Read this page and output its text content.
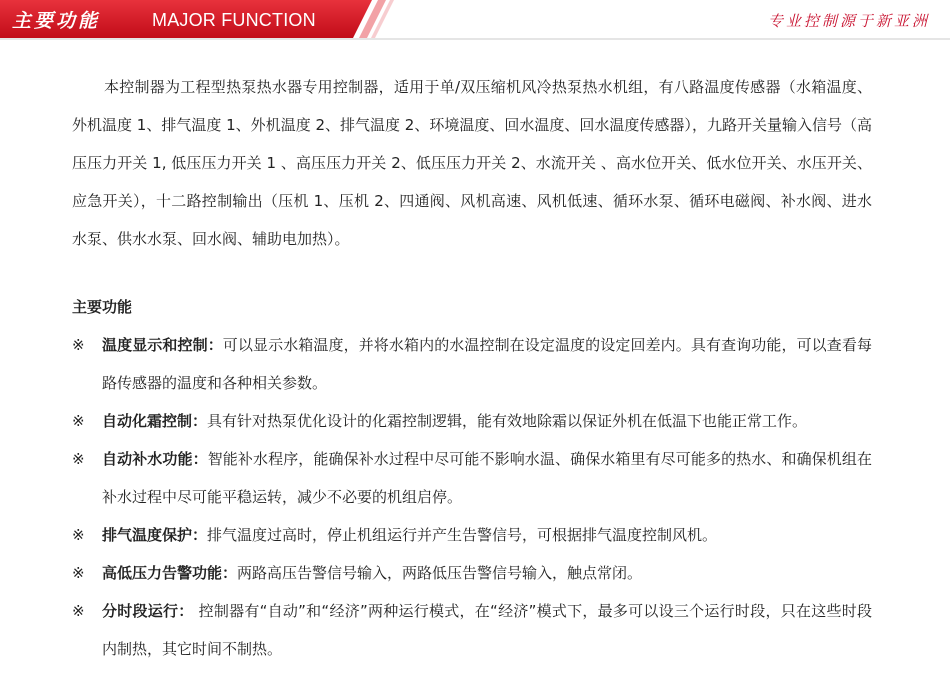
主要功能	MAJOR FUNCTION	专业控制源于新亚洲

本控制器为工程型热泵热水器专用控制器，适用于单/双压缩机风冷热泵热水机组，有八路温度传感器（水箱温度、外机温度 1、排气温度 1、外机温度 2、排气温度 2、环境温度、回水温度、回水温度传感器），九路开关量输入信号（高压压力开关 1, 低压压力开关 1 、高压压力开关 2、低压压力开关 2、水流开关 、高水位开关、低水位开关、水压开关、应急开关），十二路控制输出（压机 1、压机 2、四通阀、风机高速、风机低速、循环水泵、循环电磁阀、补水阀、进水水泵、供水水泵、回水阀、辅助电加热）。

主要功能

※	温度显示和控制：可以显示水箱温度，并将水箱内的水温控制在设定温度的设定回差内。具有查询功能，可以查看每路传感器的温度和各种相关参数。

※	自动化霜控制：具有针对热泵优化设计的化霜控制逻辑，能有效地除霜以保证外机在低温下也能正常工作。

※	自动补水功能：智能补水程序，能确保补水过程中尽可能不影响水温、确保水箱里有尽可能多的热水、和确保机组在补水过程中尽可能平稳运转，减少不必要的机组启停。

※	排气温度保护：排气温度过高时，停止机组运行并产生告警信号，可根据排气温度控制风机。

※	高低压力告警功能：两路高压告警信号输入，两路低压告警信号输入，触点常闭。

※	分时段运行： 控制器有“自动”和“经济”两种运行模式，在“经济”模式下，最多可以设三个运行时段，只在这些时段内制热，其它时间不制热。
